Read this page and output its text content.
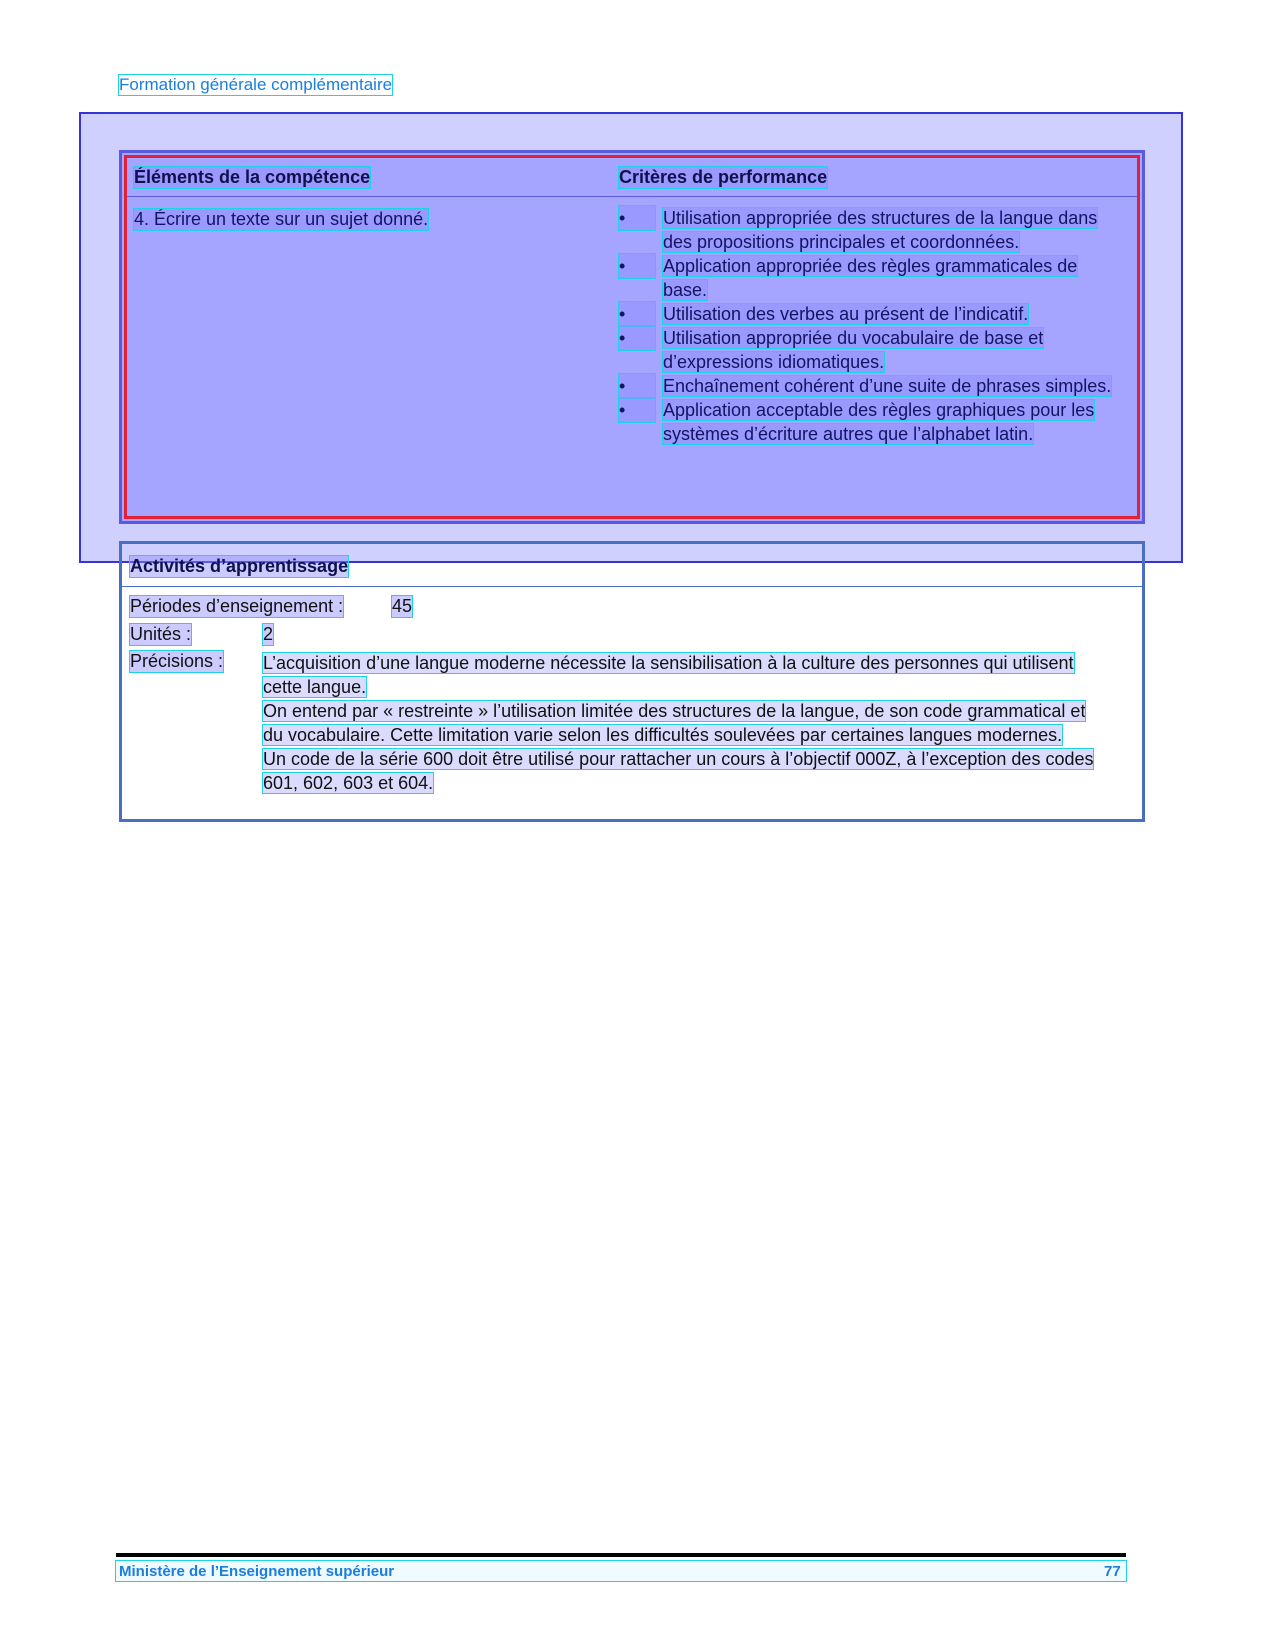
Formation générale complémentaire
Éléments de la compétence	Critères de performance
4. Écrire un texte sur un sujet donné.	•	Utilisation appropriée des structures de la langue dans des propositions principales et coordonnées.
•	Application appropriée des règles grammaticales de base.
•	Utilisation des verbes au présent de l’indicatif.
•	Utilisation appropriée du vocabulaire de base et d’expressions idiomatiques.
•	Enchaînement cohérent d’une suite de phrases simples.
•	Application acceptable des règles graphiques pour les systèmes d’écriture autres que l’alphabet latin.
Activités d’apprentissage
Périodes d’enseignement :	45
Unités :	2
Précisions : L’acquisition d’une langue moderne nécessite la sensibilisation à la culture des personnes qui utilisent cette langue.

On entend par « restreinte » l’utilisation limitée des structures de la langue, de son code grammatical et du vocabulaire. Cette limitation varie selon les difficultés soulevées par certaines langues modernes.

Un code de la série 600 doit être utilisé pour rattacher un cours à l’objectif 000Z, à l’exception des codes 601, 602, 603 et 604.

Ministère de l’Enseignement supérieur	77
